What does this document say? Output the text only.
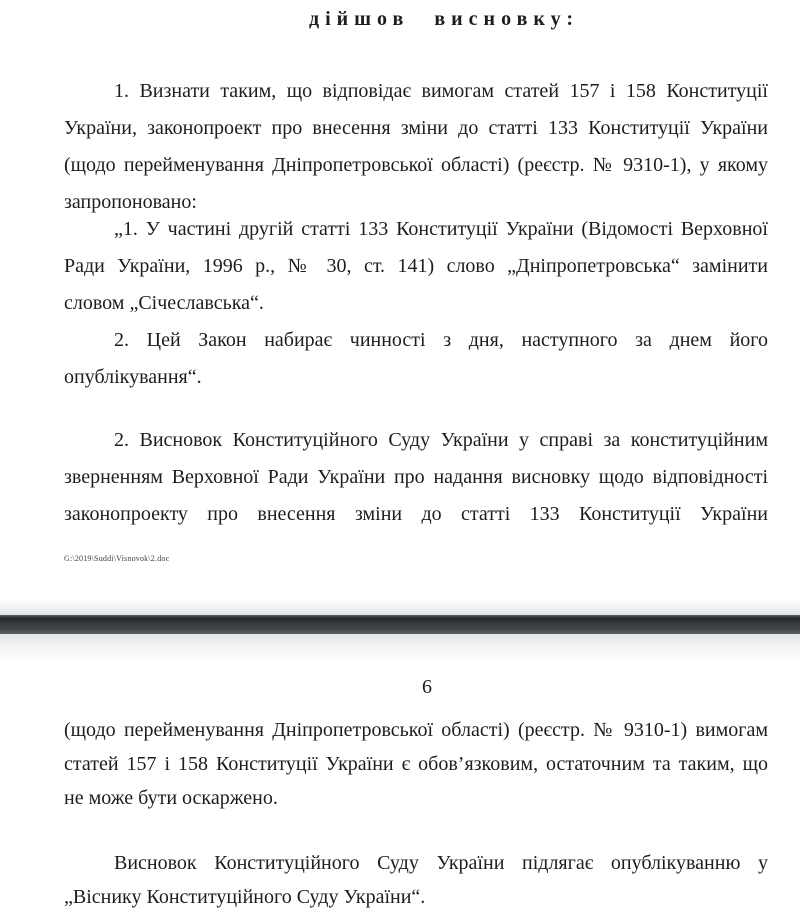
дійшов висновку:
1. Визнати таким, що відповідає вимогам статей 157 і 158 Конституції
України, законопроект про внесення зміни до статті 133 Конституції України
(щодо перейменування Дніпропетровської області) (реєстр. № 9310-1), у якому
запропоновано:
„1. У частині другій статті 133 Конституції України (Відомості Верховної
Ради України, 1996 р., № 30, ст. 141) слово „Дніпропетровська“ замінити
словом „Січеславська“.
2. Цей Закон набирає чинності з дня, наступного за днем його
опублікування“.
2. Висновок Конституційного Суду України у справі за конституційним
зверненням Верховної Ради України про надання висновку щодо відповідності
законопроекту про внесення зміни до статті 133 Конституції України
G:\2019\Suddi\Visnovok\2.doc
6
(щодо перейменування Дніпропетровської області) (реєстр. № 9310-1) вимогам
статей 157 і 158 Конституції України є обов’язковим, остаточним та таким, що
не може бути оскаржено.
Висновок Конституційного Суду України підлягає опублікуванню у
„Віснику Конституційного Суду України“.
